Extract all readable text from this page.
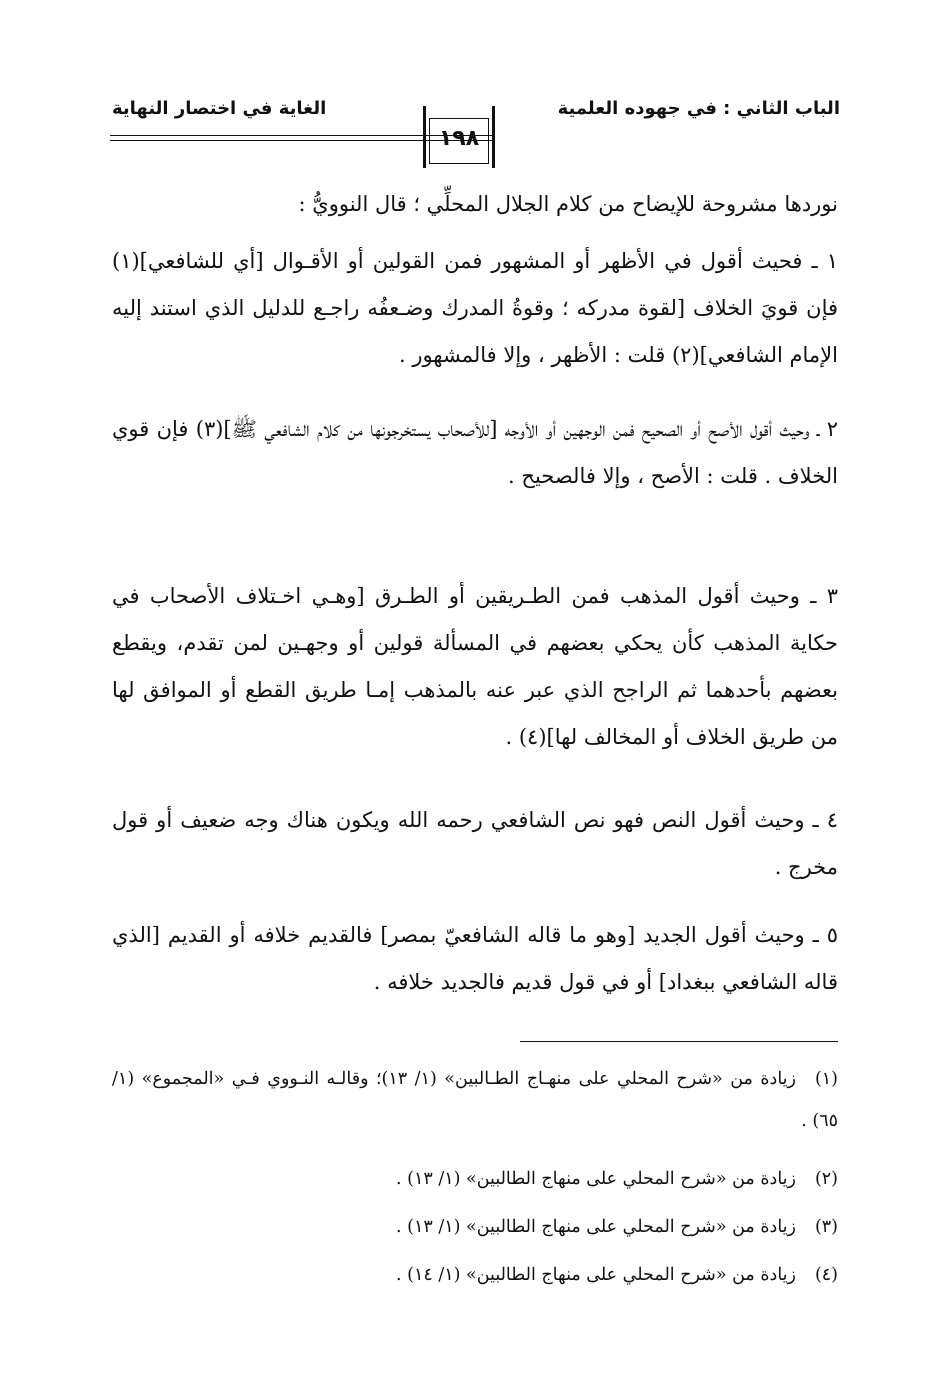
الباب الثاني : في جهوده العلمية
الغاية في اختصار النهاية
١٩٨

نوردها مشروحة للإيضاح من كلام الجلال المحلِّي ؛ قال النوويُّ :

١ ـ فحيث أقول في الأظهر أو المشهور فمن القولين أو الأقـوال [أي للشافعي](١) فإن قويَ الخلاف [لقوة مدركه ؛ وقوةُ المدرك وضـعفُه راجـع للدليل الذي استند إليه الإمام الشافعي](٢) قلت : الأظهر ، وإلا فالمشهور .

٢ ـ وحيث أقول الأصح أو الصحيح فمن الوجهين أو الأوجه [للأصحاب يستخرجونها من كلام الشافعي ﷺ](٣) فإن قوي الخلاف . قلت : الأصح ، وإلا فالصحيح .

٣ ـ وحيث أقول المذهب فمن الطـريقين أو الطـرق [وهـي اخـتلاف الأصحاب في حكاية المذهب كأن يحكي بعضهم في المسألة قولين أو وجهـين لمن تقدم، ويقطع بعضهم بأحدهما ثم الراجح الذي عبر عنه بالمذهب إمـا طريق القطع أو الموافق لها من طريق الخلاف أو المخالف لها](٤) .

٤ ـ وحيث أقول النص فهو نص الشافعي رحمه الله ويكون هناك وجه ضعيف أو قول مخرج .

٥ ـ وحيث أقول الجديد [وهو ما قاله الشافعيّ بمصر] فالقديم خلافه أو القديم [الذي قاله الشافعي ببغداد] أو في قول قديم فالجديد خلافه .

(١)زيادة من «شرح المحلي على منهـاج الطـالبين» (١/ ١٣)؛ وقالـه النـووي فـي «المجموع» (١/ ٦٥) .
(٢)زيادة من «شرح المحلي على منهاج الطالبين» (١/ ١٣) .
(٣)زيادة من «شرح المحلي على منهاج الطالبين» (١/ ١٣) .
(٤)زيادة من «شرح المحلي على منهاج الطالبين» (١/ ١٤) .
